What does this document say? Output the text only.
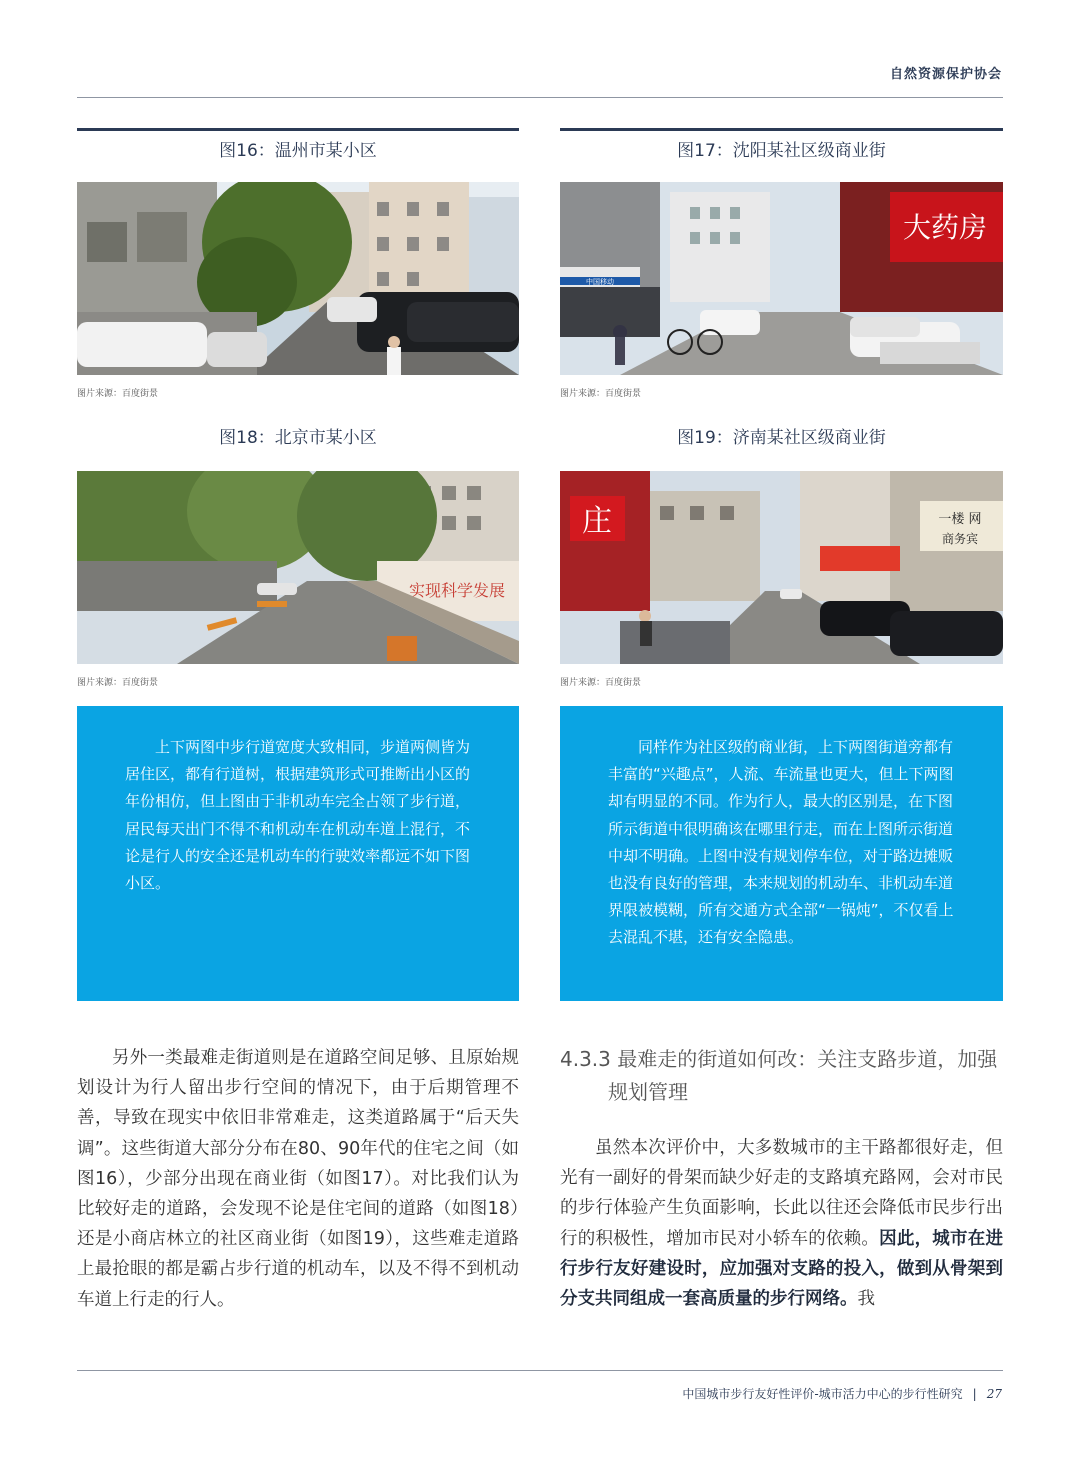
自然资源保护协会
图16：温州市某小区
图片来源：百度街景
图17：沈阳某社区级商业街
大药房
中国移动
图片来源：百度街景
图18：北京市某小区
实现科学发展
图片来源：百度街景
图19：济南某社区级商业街
庄	一楼 网
商务宾
图片来源：百度街景

上下两图中步行道宽度大致相同，步道两侧皆为居住区，都有行道树，根据建筑形式可推断出小区的年份相仿，但上图由于非机动车完全占领了步行道，居民每天出门不得不和机动车在机动车道上混行，不论是行人的安全还是机动车的行驶效率都远不如下图小区。

同样作为社区级的商业街，上下两图街道旁都有丰富的“兴趣点”，人流、车流量也更大，但上下两图却有明显的不同。作为行人，最大的区别是，在下图所示街道中很明确该在哪里行走，而在上图所示街道中却不明确。上图中没有规划停车位，对于路边摊贩也没有良好的管理，本来规划的机动车、非机动车道界限被模糊，所有交通方式全部“一锅炖”，不仅看上去混乱不堪，还有安全隐患。

另外一类最难走街道则是在道路空间足够、且原始规划设计为行人留出步行空间的情况下，由于后期管理不善，导致在现实中依旧非常难走，这类道路属于“后天失调”。这些街道大部分分布在80、90年代的住宅之间（如图16），少部分出现在商业街（如图17）。对比我们认为比较好走的道路，会发现不论是住宅间的道路（如图18）还是小商店林立的社区商业街（如图19），这些难走道路上最抢眼的都是霸占步行道的机动车，以及不得不到机动车道上行走的行人。

4.3.3 最难走的街道如何改：关注支路步道，加强规划管理

虽然本次评价中，大多数城市的主干路都很好走，但光有一副好的骨架而缺少好走的支路填充路网，会对市民的步行体验产生负面影响，长此以往还会降低市民步行出行的积极性，增加市民对小轿车的依赖。因此，城市在进行步行友好建设时，应加强对支路的投入，做到从骨架到分支共同组成一套高质量的步行网络。我

中国城市步行友好性评价-城市活力中心的步行性研究 | 27
